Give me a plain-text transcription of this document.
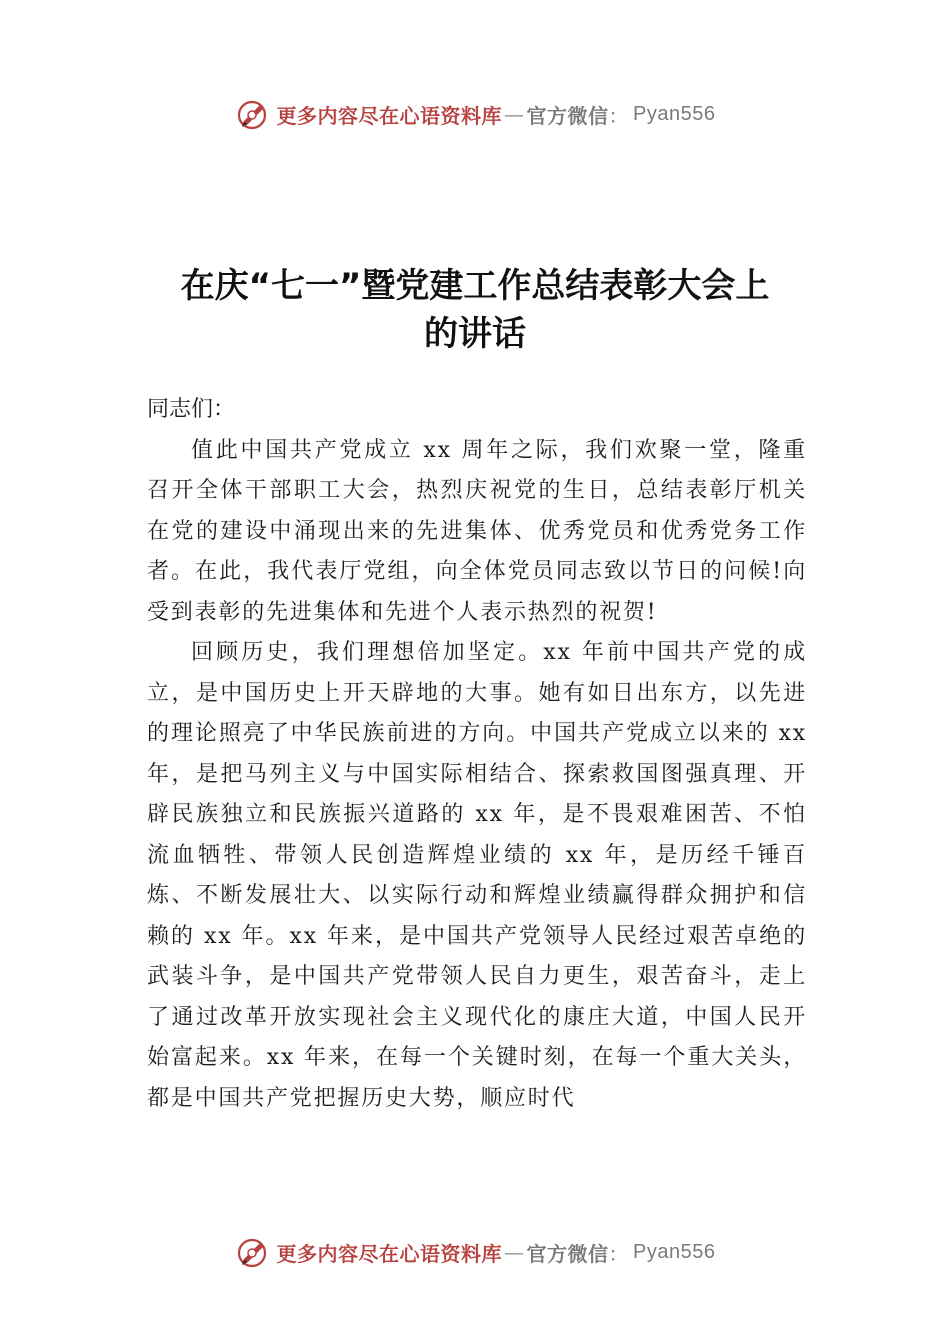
更多内容尽在心语资料库 — 官方微信 ： Pyan556
在庆“七一”暨党建工作总结表彰大会上
的讲话

同志们：

值此中国共产党成立 xx 周年之际，我们欢聚一堂，隆重召开全体干部职工大会，热烈庆祝党的生日，总结表彰厅机关在党的建设中涌现出来的先进集体、优秀党员和优秀党务工作者。在此，我代表厅党组，向全体党员同志致以节日的问候!向受到表彰的先进集体和先进个人表示热烈的祝贺!

回顾历史，我们理想倍加坚定。xx 年前中国共产党的成立，是中国历史上开天辟地的大事。她有如日出东方，以先进的理论照亮了中华民族前进的方向。中国共产党成立以来的 xx 年，是把马列主义与中国实际相结合、探索救国图强真理、开辟民族独立和民族振兴道路的 xx 年，是不畏艰难困苦、不怕流血牺牲、带领人民创造辉煌业绩的 xx 年，是历经千锤百炼、不断发展壮大、以实际行动和辉煌业绩赢得群众拥护和信赖的 xx 年。xx 年来，是中国共产党领导人民经过艰苦卓绝的武装斗争，是中国共产党带领人民自力更生，艰苦奋斗，走上了通过改革开放实现社会主义现代化的康庄大道，中国人民开始富起来。xx 年来，在每一个关键时刻，在每一个重大关头，都是中国共产党把握历史大势，顺应时代

更多内容尽在心语资料库 — 官方微信 ： Pyan556
